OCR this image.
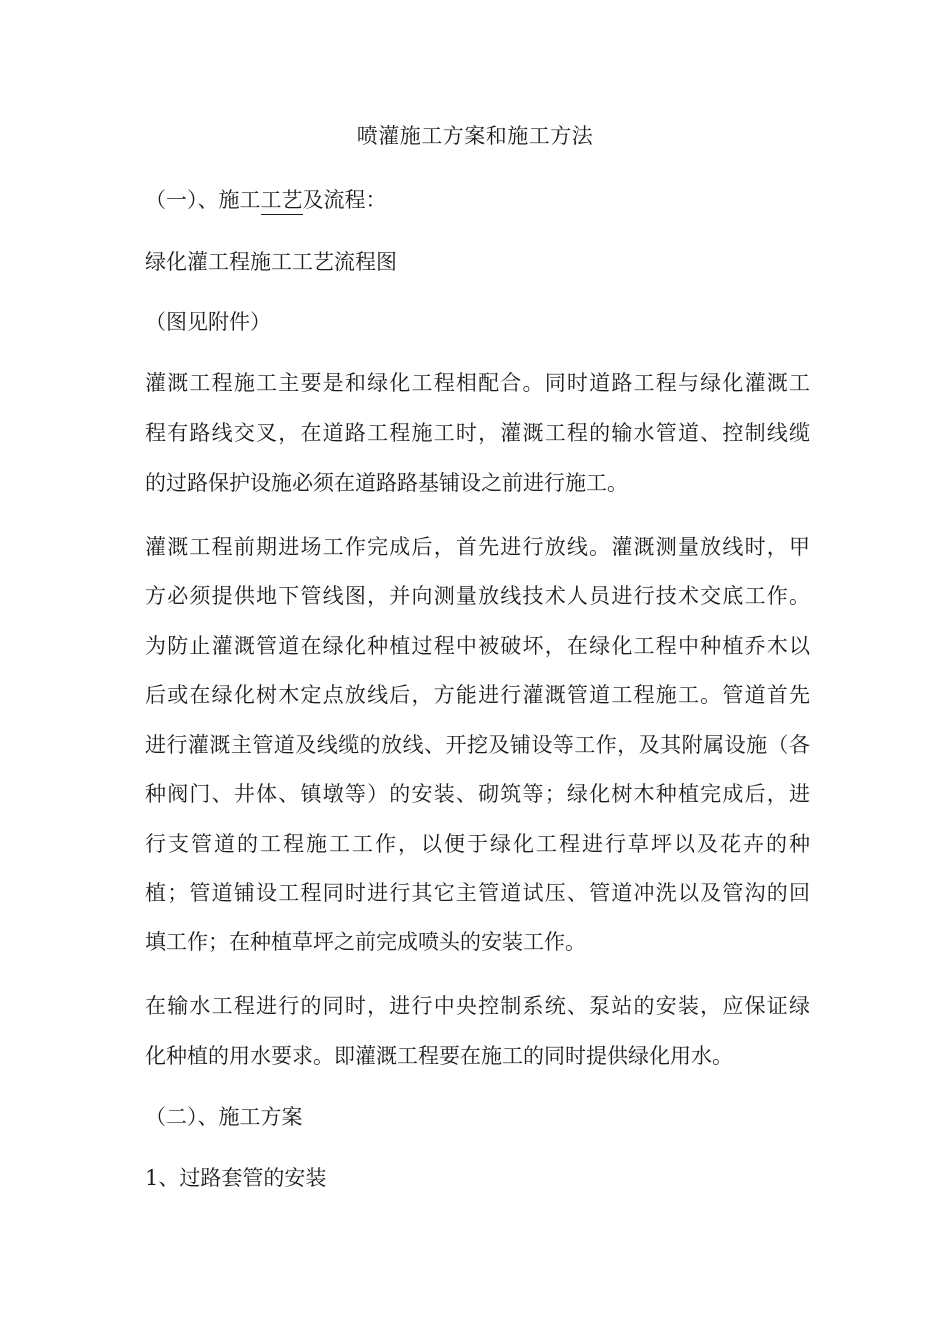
喷灌施工方案和施工方法
（一）、施工工艺及流程：
绿化灌工程施工工艺流程图
（图见附件）
灌溉工程施工主要是和绿化工程相配合。同时道路工程与绿化灌溉工
程有路线交叉，在道路工程施工时，灌溉工程的输水管道、控制线缆
的过路保护设施必须在道路路基铺设之前进行施工。
灌溉工程前期进场工作完成后，首先进行放线。灌溉测量放线时，甲
方必须提供地下管线图，并向测量放线技术人员进行技术交底工作。
为防止灌溉管道在绿化种植过程中被破坏，在绿化工程中种植乔木以
后或在绿化树木定点放线后，方能进行灌溉管道工程施工。管道首先
进行灌溉主管道及线缆的放线、开挖及铺设等工作，及其附属设施（各
种阀门、井体、镇墩等）的安装、砌筑等；绿化树木种植完成后，进
行支管道的工程施工工作，以便于绿化工程进行草坪以及花卉的种
植；管道铺设工程同时进行其它主管道试压、管道冲洗以及管沟的回
填工作；在种植草坪之前完成喷头的安装工作。
在输水工程进行的同时，进行中央控制系统、泵站的安装，应保证绿
化种植的用水要求。即灌溉工程要在施工的同时提供绿化用水。
（二）、施工方案
1、过路套管的安装
